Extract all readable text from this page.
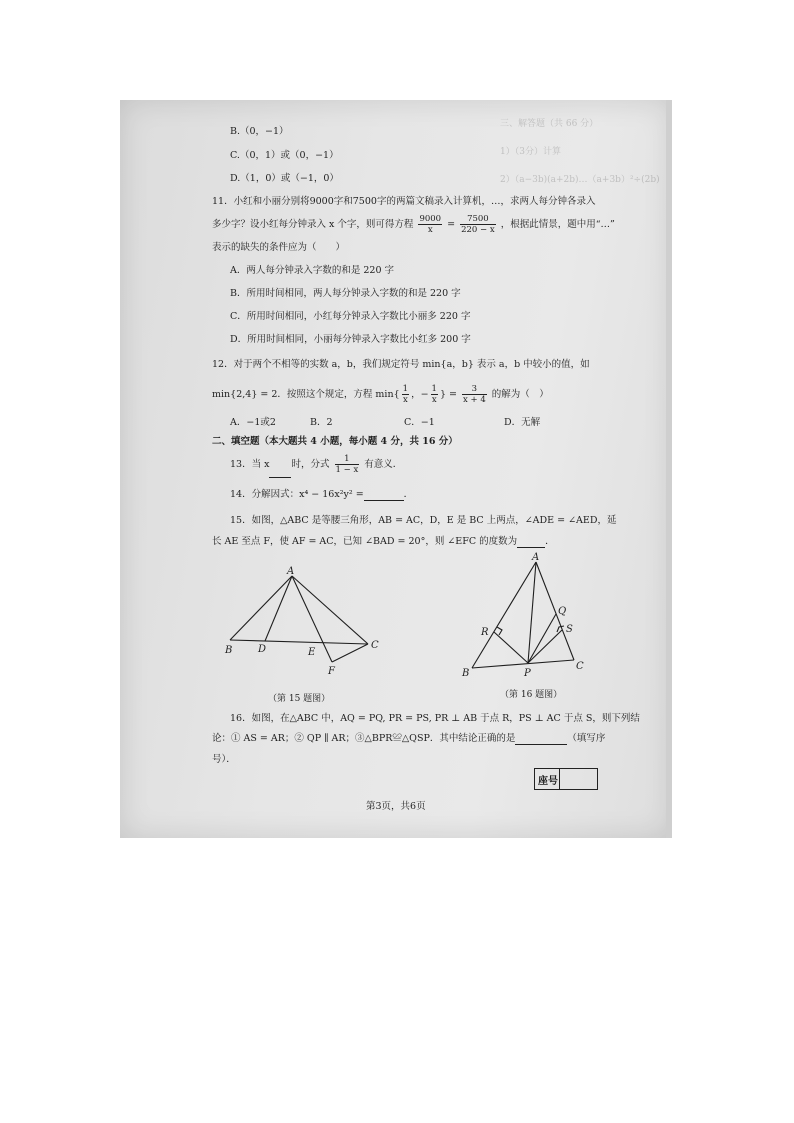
三、解答题（共 66 分）
1）（3分）计算
2）（a−3b)(a+2b)…（a+3b）²÷(2b)
B.（0，−1）
C.（0，1）或（0，−1）
D.（1，0）或（−1，0）
11．小红和小丽分别将9000字和7500字的两篇文稿录入计算机，…，求两人每分钟各录入
多少字？设小红每分钟录入 x 个字，则可得方程 $\frac{9000}{x} = \frac{7500}{220 - x}$ ，根据此情景，题中用“…”
表示的缺失的条件应为（　　）
A．两人每分钟录入字数的和是 220 字
B．所用时间相同，两人每分钟录入字数的和是 220 字
C．所用时间相同，小红每分钟录入字数比小丽多 220 字
D．所用时间相同，小丽每分钟录入字数比小红多 200 字
12．对于两个不相等的实数 a，b，我们规定符号 min{a，b} 表示 a，b 中较小的值，如
min{2,4} = 2．按照这个规定，方程 $\min\{ \frac{1}{x}$ ，− $\frac{1}{x}$ } = $\frac{3}{x + 4}$ 的解为（　）
A．−1或2	B．2	C．−1	D．无解
二、填空题（本大题共 4 小题，每小题 4 分，共 16 分）
13．当 x 时，分式 $\frac{1}{1 - x}$ 有意义．
14．分解因式：x⁴ − 16x²y² =	．
15．如图，△ABC 是等腰三角形，AB = AC，D，E 是 BC 上两点，∠ADE = ∠AED，延
长 AE 至点 F，使 AF = AC，已知 ∠BAD = 20°，则 ∠EFC 的度数为	．
A
B	D	E
C
F
（第 15 题图）
A
B
C
P
Q
R	S
（第 16 题图）
16．如图，在△ABC 中，AQ = PQ, PR = PS, PR ⊥ AB 于点 R，PS ⊥ AC 于点 S，则下列结
论：① AS = AR；② QP ∥ AR；③△BPR≌△QSP．其中结论正确的是	（填写序
号）．
座号
第3页，共6页
